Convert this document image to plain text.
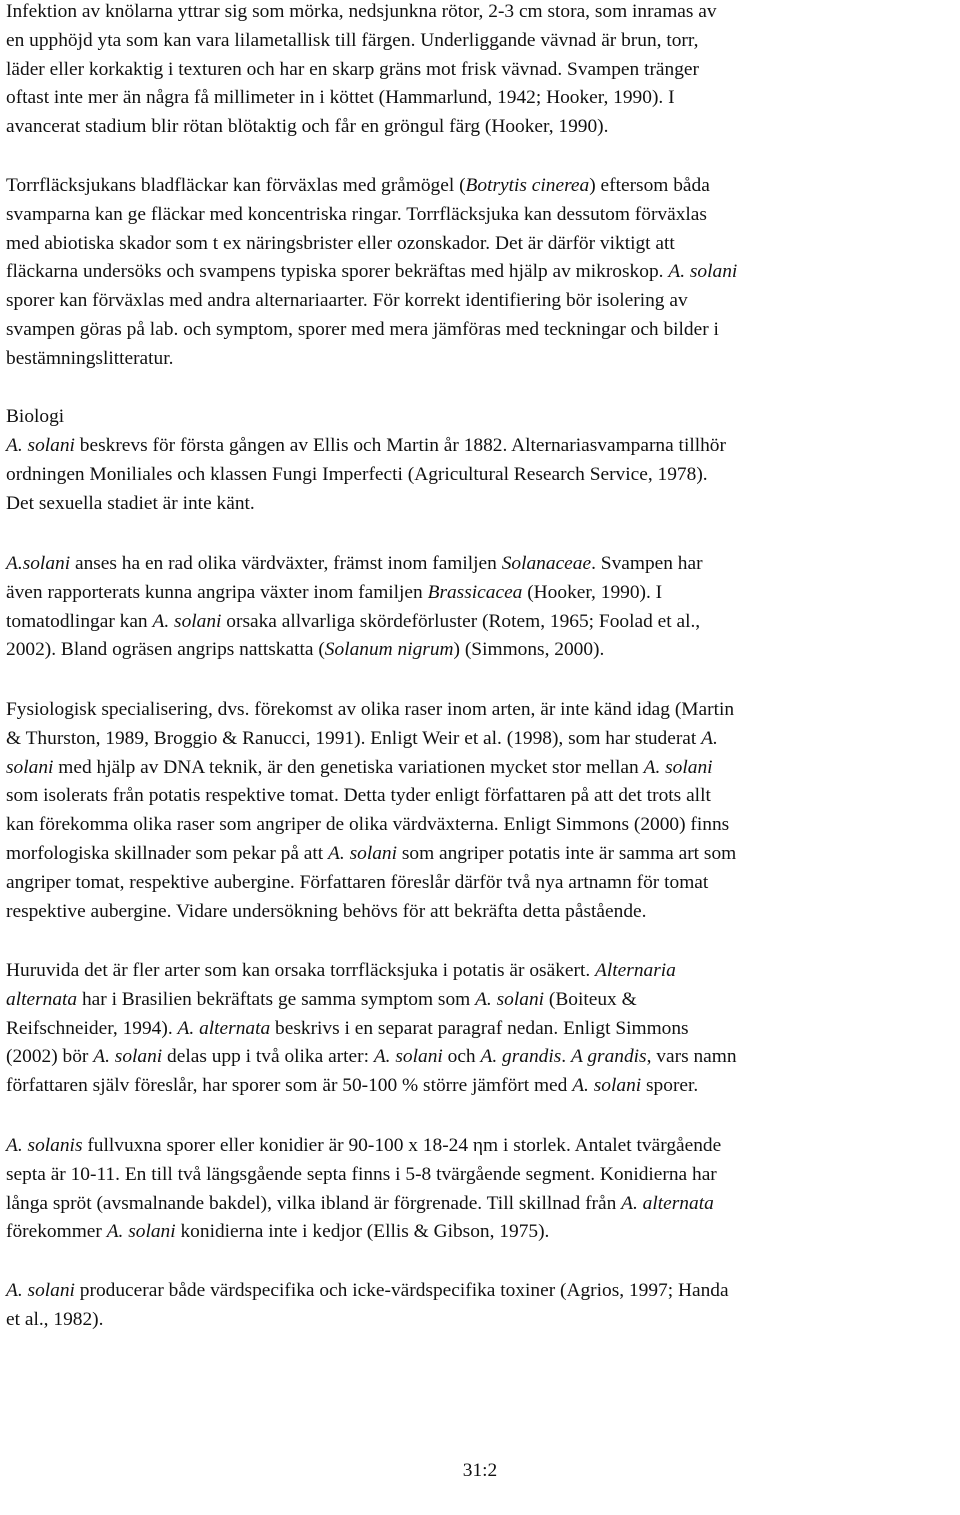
Infektion av knölarna yttrar sig som mörka, nedsjunkna rötor, 2-3 cm stora, som inramas av
en upphöjd yta som kan vara lilametallisk till färgen. Underliggande vävnad är brun, torr,
läder eller korkaktig i texturen och har en skarp gräns mot frisk vävnad. Svampen tränger
oftast inte mer än några få millimeter in i köttet (Hammarlund, 1942; Hooker, 1990). I
avancerat stadium blir rötan blötaktig och får en gröngul färg (Hooker, 1990).
Torrfläcksjukans bladfläckar kan förväxlas med gråmögel (Botrytis cinerea) eftersom båda
svamparna kan ge fläckar med koncentriska ringar. Torrfläcksjuka kan dessutom förväxlas
med abiotiska skador som t ex näringsbrister eller ozonskador. Det är därför viktigt att
fläckarna undersöks och svampens typiska sporer bekräftas med hjälp av mikroskop. A. solani
sporer kan förväxlas med andra alternariaarter. För korrekt identifiering bör isolering av
svampen göras på lab. och symptom, sporer med mera jämföras med teckningar och bilder i
bestämningslitteratur.
Biologi
A. solani beskrevs för första gången av Ellis och Martin år 1882. Alternariasvamparna tillhör
ordningen Moniliales och klassen Fungi Imperfecti (Agricultural Research Service, 1978).
Det sexuella stadiet är inte känt.
A.solani anses ha en rad olika värdväxter, främst inom familjen Solanaceae. Svampen har
även rapporterats kunna angripa växter inom familjen Brassicacea (Hooker, 1990). I
tomatodlingar kan A. solani orsaka allvarliga skördeförluster (Rotem, 1965; Foolad et al.,
2002). Bland ogräsen angrips nattskatta (Solanum nigrum) (Simmons, 2000).
Fysiologisk specialisering, dvs. förekomst av olika raser inom arten, är inte känd idag (Martin
& Thurston, 1989, Broggio & Ranucci, 1991). Enligt Weir et al. (1998), som har studerat A.
solani med hjälp av DNA teknik, är den genetiska variationen mycket stor mellan A. solani
som isolerats från potatis respektive tomat. Detta tyder enligt författaren på att det trots allt
kan förekomma olika raser som angriper de olika värdväxterna. Enligt Simmons (2000) finns
morfologiska skillnader som pekar på att A. solani som angriper potatis inte är samma art som
angriper tomat, respektive aubergine. Författaren föreslår därför två nya artnamn för tomat
respektive aubergine. Vidare undersökning behövs för att bekräfta detta påstående.
Huruvida det är fler arter som kan orsaka torrfläcksjuka i potatis är osäkert. Alternaria
alternata har i Brasilien bekräftats ge samma symptom som A. solani (Boiteux &
Reifschneider, 1994). A. alternata beskrivs i en separat paragraf nedan. Enligt Simmons
(2002) bör A. solani delas upp i två olika arter: A. solani och A. grandis. A grandis, vars namn
författaren själv föreslår, har sporer som är 50-100 % större jämfört med A. solani sporer.
A. solanis fullvuxna sporer eller konidier är 90-100 x 18-24 ηm i storlek. Antalet tvärgående
septa är 10-11. En till två längsgående septa finns i 5-8 tvärgående segment. Konidierna har
långa spröt (avsmalnande bakdel), vilka ibland är förgrenade. Till skillnad från A. alternata
förekommer A. solani konidierna inte i kedjor (Ellis & Gibson, 1975).
A. solani producerar både värdspecifika och icke-värdspecifika toxiner (Agrios, 1997; Handa
et al., 1982).
31:2
